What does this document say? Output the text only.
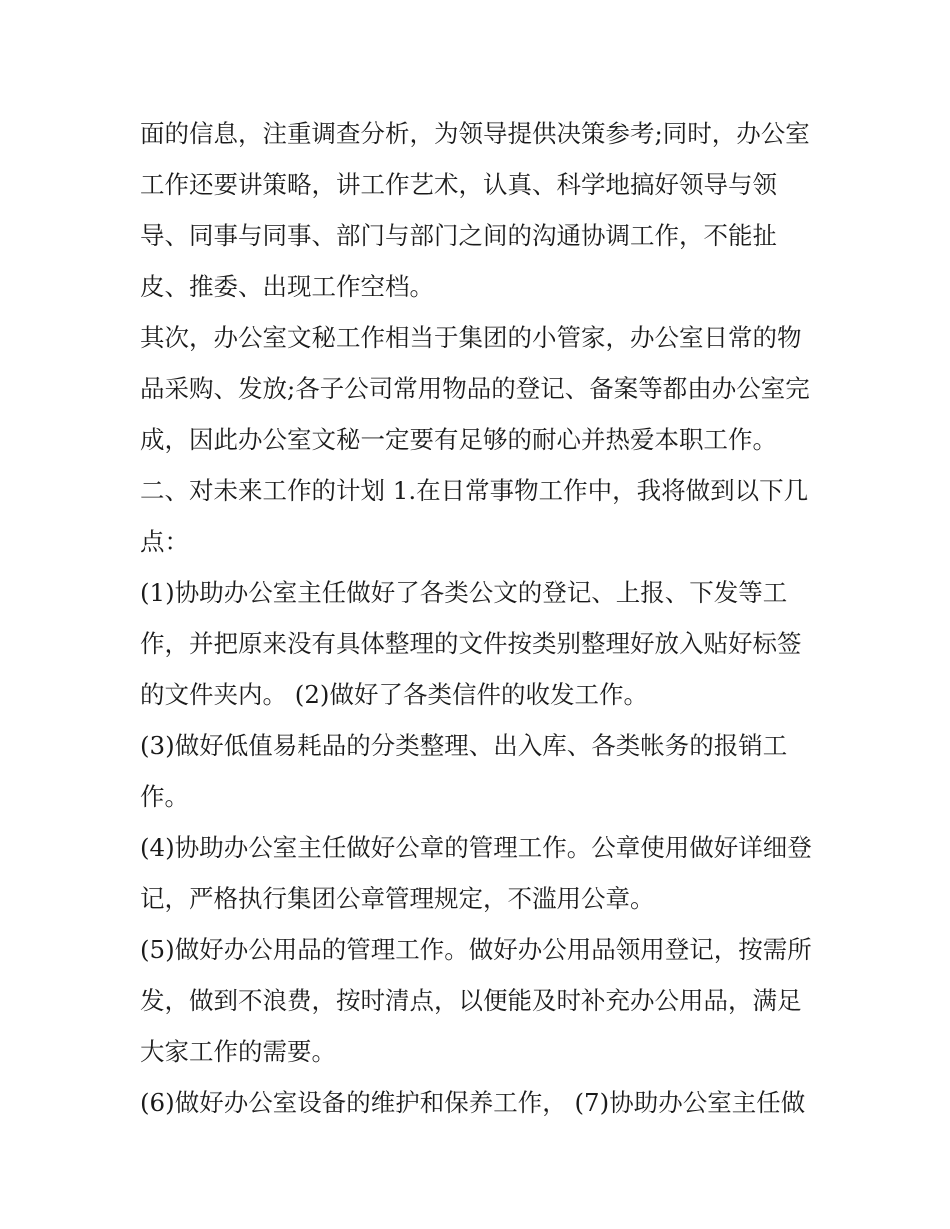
面的信息，注重调查分析，为领导提供决策参考;同时，办公室工作还要讲策略，讲工作艺术，认真、科学地搞好领导与领导、同事与同事、部门与部门之间的沟通协调工作，不能扯皮、推委、出现工作空档。

其次，办公室文秘工作相当于集团的小管家，办公室日常的物品采购、发放;各子公司常用物品的登记、备案等都由办公室完成，因此办公室文秘一定要有足够的耐心并热爱本职工作。

二、对未来工作的计划 1.在日常事物工作中，我将做到以下几点：

(1)协助办公室主任做好了各类公文的登记、上报、下发等工作，并把原来没有具体整理的文件按类别整理好放入贴好标签的文件夹内。 (2)做好了各类信件的收发工作。

(3)做好低值易耗品的分类整理、出入库、各类帐务的报销工作。

(4)协助办公室主任做好公章的管理工作。公章使用做好详细登记，严格执行集团公章管理规定，不滥用公章。

(5)做好办公用品的管理工作。做好办公用品领用登记，按需所发，做到不浪费，按时清点，以便能及时补充办公用品，满足大家工作的需要。

(6)做好办公室设备的维护和保养工作， (7)协助办公室主任做
